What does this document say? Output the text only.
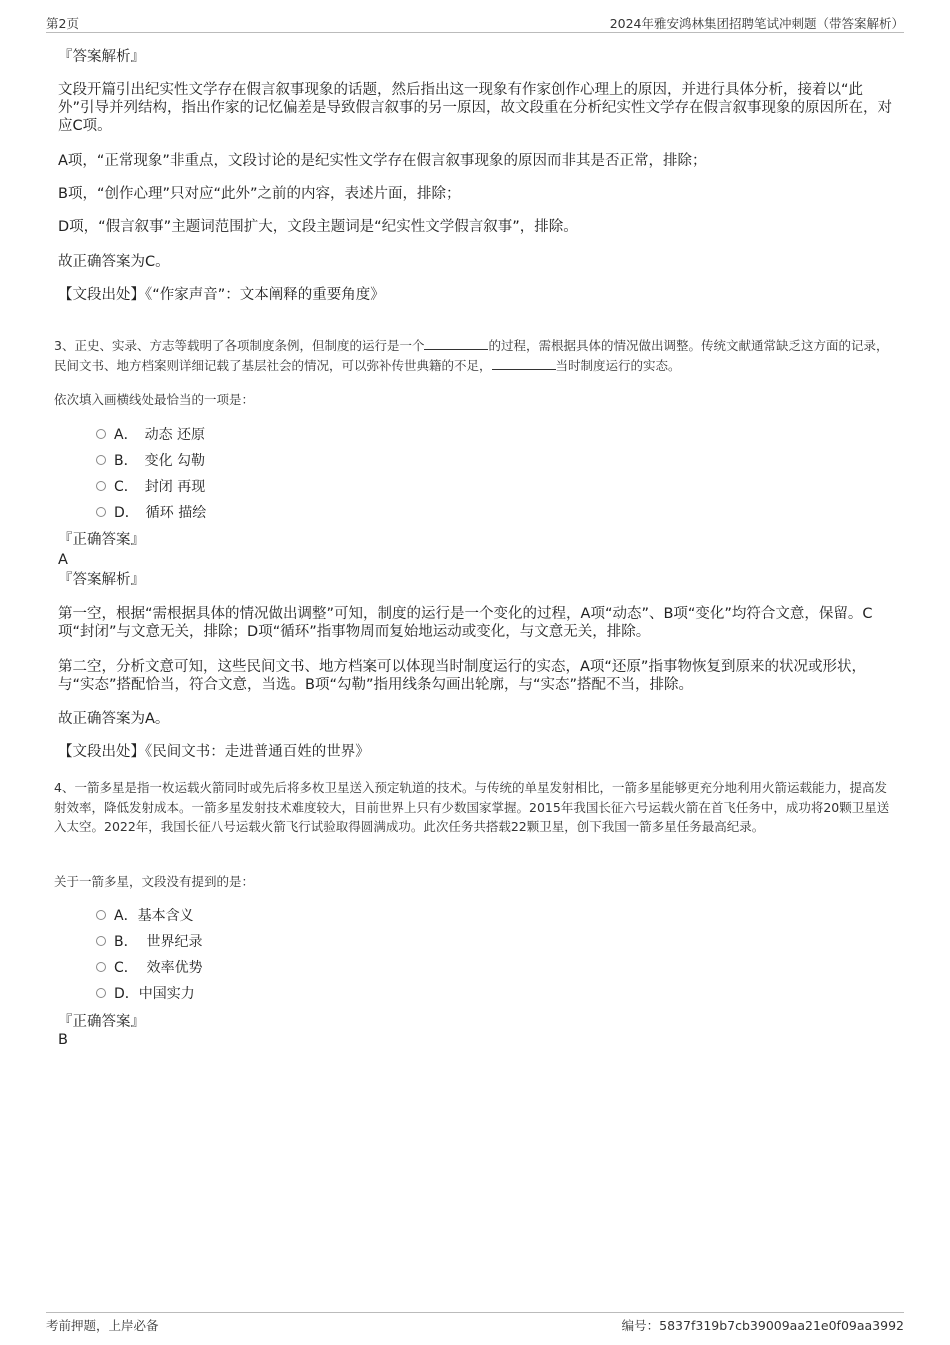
第2页	2024年雅安鸿林集团招聘笔试冲刺题（带答案解析）
『答案解析』

文段开篇引出纪实性文学存在假言叙事现象的话题，然后指出这一现象有作家创作心理上的原因，并进行具体分析，接着以“此外”引导并列结构，指出作家的记忆偏差是导致假言叙事的另一原因，故文段重在分析纪实性文学存在假言叙事现象的原因所在，对应C项。

A项，“正常现象”非重点，文段讨论的是纪实性文学存在假言叙事现象的原因而非其是否正常，排除；

B项，“创作心理”只对应“此外”之前的内容，表述片面，排除；

D项，“假言叙事”主题词范围扩大，文段主题词是“纪实性文学假言叙事”，排除。

故正确答案为C。

【文段出处】《“作家声音”：文本阐释的重要角度》

3、正史、实录、方志等载明了各项制度条例，但制度的运行是一个	的过程，需根据具体的情况做出调整。传统文献通常缺乏这方面的记录，民间文书、地方档案则详细记载了基层社会的情况，可以弥补传世典籍的不足，	当时制度运行的实态。

依次填入画横线处最恰当的一项是：

A．　动态 还原
B．　变化 勾勒
C．　封闭 再现
D．　循环 描绘
『正确答案』
A
『答案解析』

第一空，根据“需根据具体的情况做出调整”可知，制度的运行是一个变化的过程，A项“动态”、B项“变化”均符合文意，保留。C项“封闭”与文意无关，排除；D项“循环”指事物周而复始地运动或变化，与文意无关，排除。

第二空，分析文意可知，这些民间文书、地方档案可以体现当时制度运行的实态，A项“还原”指事物恢复到原来的状况或形状，与“实态”搭配恰当，符合文意，当选。B项“勾勒”指用线条勾画出轮廓，与“实态”搭配不当，排除。

故正确答案为A。

【文段出处】《民间文书：走进普通百姓的世界》

4、一箭多星是指一枚运载火箭同时或先后将多枚卫星送入预定轨道的技术。与传统的单星发射相比，一箭多星能够更充分地利用火箭运载能力，提高发射效率，降低发射成本。一箭多星发射技术难度较大，目前世界上只有少数国家掌握。2015年我国长征六号运载火箭在首飞任务中，成功将20颗卫星送入太空。2022年，我国长征八号运载火箭飞行试验取得圆满成功。此次任务共搭载22颗卫星，创下我国一箭多星任务最高纪录。

关于一箭多星，文段没有提到的是：

A．基本含义
B．  世界纪录
C．  效率优势
D．中国实力
『正确答案』
B
考前押题，上岸必备	编号：5837f319b7cb39009aa21e0f09aa3992
